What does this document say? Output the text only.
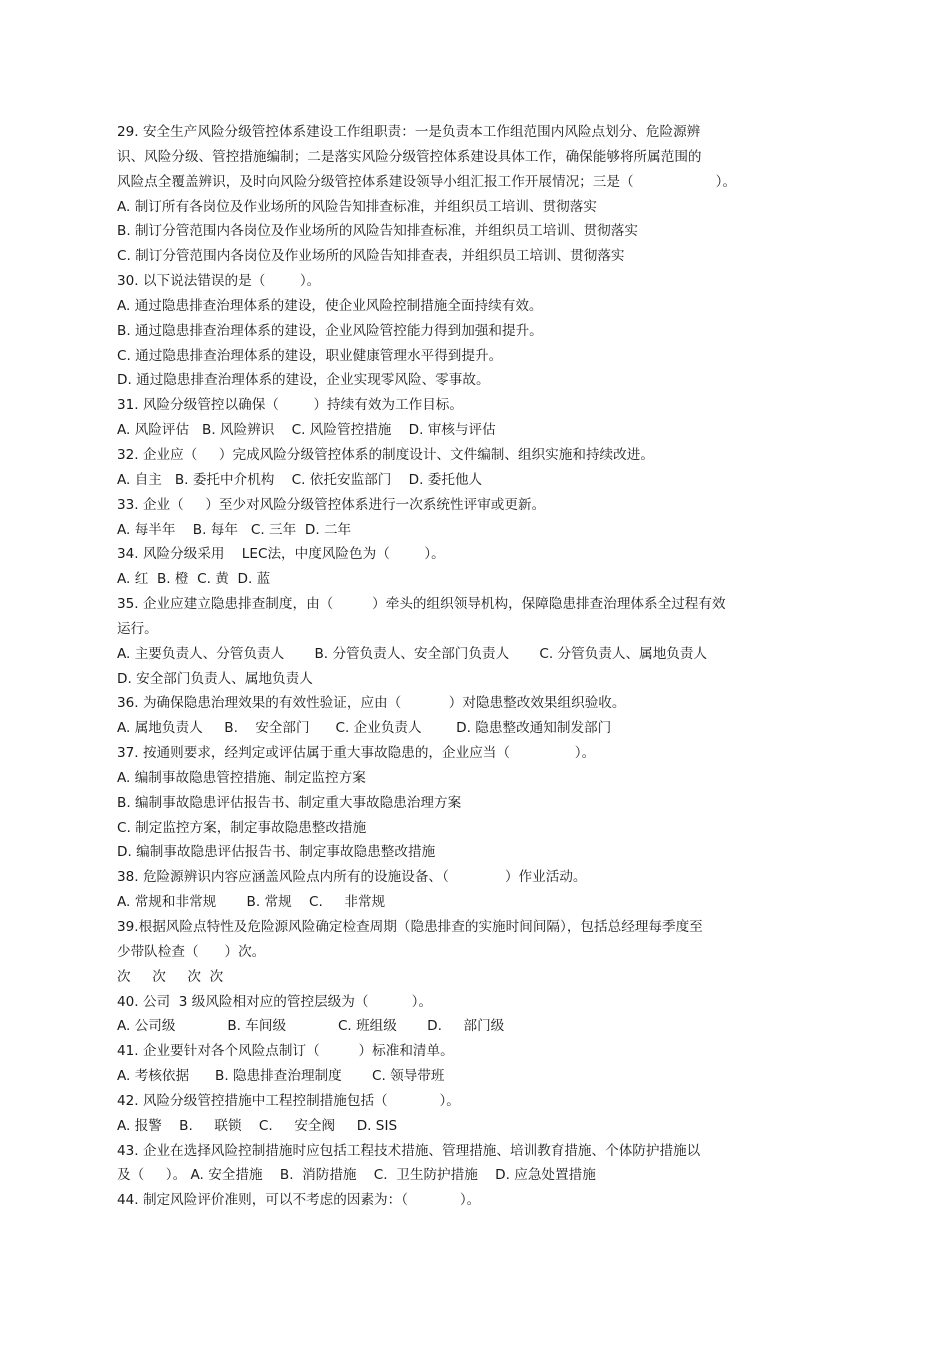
29. 安全生产风险分级管控体系建设工作组职责：一是负责本工作组范围内风险点划分、危险源辨
识、风险分级、管控措施编制；二是落实风险分级管控体系建设具体工作，确保能够将所属范围的
风险点全覆盖辨识，及时向风险分级管控体系建设领导小组汇报工作开展情况；三是（                   ）。
A. 制订所有各岗位及作业场所的风险告知排查标准，并组织员工培训、贯彻落实
B. 制订分管范围内各岗位及作业场所的风险告知排查标准，并组织员工培训、贯彻落实
C. 制订分管范围内各岗位及作业场所的风险告知排查表，并组织员工培训、贯彻落实
30. 以下说法错误的是（        ）。
A. 通过隐患排查治理体系的建设，使企业风险控制措施全面持续有效。
B. 通过隐患排查治理体系的建设，企业风险管控能力得到加强和提升。
C. 通过隐患排查治理体系的建设，职业健康管理水平得到提升。
D. 通过隐患排查治理体系的建设，企业实现零风险、零事故。
31. 风险分级管控以确保（        ）持续有效为工作目标。
A. 风险评估   B. 风险辨识    C. 风险管控措施    D. 审核与评估
32. 企业应（     ）完成风险分级管控体系的制度设计、文件编制、组织实施和持续改进。
A. 自主   B. 委托中介机构    C. 依托安监部门    D. 委托他人
33. 企业（     ）至少对风险分级管控体系进行一次系统性评审或更新。
A. 每半年    B. 每年   C. 三年  D. 二年
34. 风险分级采用    LEC法，中度风险色为（        ）。
A. 红  B. 橙  C. 黄  D. 蓝
35. 企业应建立隐患排查制度，由（         ）牵头的组织领导机构，保障隐患排查治理体系全过程有效
运行。
A. 主要负责人、分管负责人       B. 分管负责人、安全部门负责人       C. 分管负责人、属地负责人
D. 安全部门负责人、属地负责人
36. 为确保隐患治理效果的有效性验证，应由（           ）对隐患整改效果组织验收。
A. 属地负责人     B.    安全部门      C. 企业负责人        D. 隐患整改通知制发部门
37. 按通则要求，经判定或评估属于重大事故隐患的，企业应当（               ）。
A. 编制事故隐患管控措施、制定监控方案
B. 编制事故隐患评估报告书、制定重大事故隐患治理方案
C. 制定监控方案，制定事故隐患整改措施
D. 编制事故隐患评估报告书、制定事故隐患整改措施
38. 危险源辨识内容应涵盖风险点内所有的设施设备、（             ）作业活动。
A. 常规和非常规       B. 常规    C.     非常规
39.根据风险点特性及危险源风险确定检查周期（隐患排查的实施时间间隔），包括总经理每季度至
少带队检查（      ）次。
次     次     次  次
40. 公司  3 级风险相对应的管控层级为（          ）。
A. 公司级            B. 车间级            C. 班组级       D.     部门级
41. 企业要针对各个风险点制订（         ）标准和清单。
A. 考核依据      B. 隐患排查治理制度       C. 领导带班
42. 风险分级管控措施中工程控制措施包括（            ）。
A. 报警    B.     联锁    C.     安全阀     D. SIS
43. 企业在选择风险控制措施时应包括工程技术措施、管理措施、培训教育措施、个体防护措施以
及（     ）。 A. 安全措施    B.  消防措施    C.  卫生防护措施    D. 应急处置措施
44. 制定风险评价准则，可以不考虑的因素为：（            ）。
